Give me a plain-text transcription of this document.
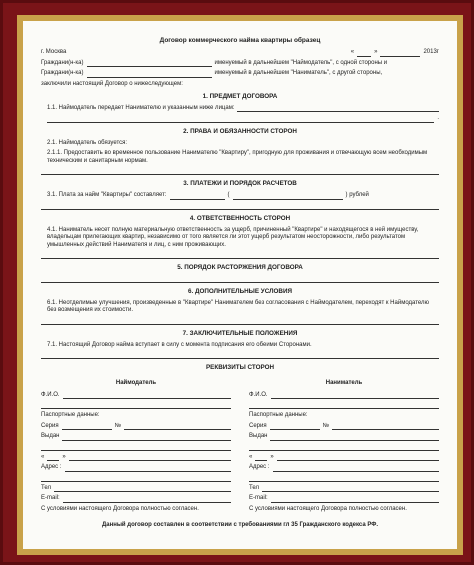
Договор коммерческого найма квартиры образец
г. Москва	«	»	2013г
Граждани(н-ка)	именуемый в дальнейшем "Наймодатель", с одной стороны и
Граждани(н-ка)	именуемый в дальнейшем "Наниматель", с другой стороны,
заключили настоящий Договор о нижеследующем:
1. ПРЕДМЕТ ДОГОВОРА
1.1. Наймодатель передает Нанимателю и указанным ниже лицам:
.
2. ПРАВА И ОБЯЗАННОСТИ СТОРОН
2.1. Наймодатель обязуется:
2.1.1. Предоставить во временное пользование Нанимателю "Квартиру", пригодную для проживания и отвечающую всем необходимым техническим и санитарным нормам.
3. ПЛАТЕЖИ И ПОРЯДОК РАСЧЕТОВ
3.1. Плата за найм "Квартиры" составляет:	(	) рублей
4. ОТВЕТСТВЕННОСТЬ СТОРОН
4.1. Наниматель несет полную материальную ответственность за ущерб, причиненный "Квартире" и находящегося в ней имуществу, владельцам прилегающих квартир, независимо от того является ли этот ущерб результатом неосторожности, либо результатом умышленных действий Нанимателя и лиц, с ним проживающих.
5. ПОРЯДОК РАСТОРЖЕНИЯ ДОГОВОРА
6. ДОПОЛНИТЕЛЬНЫЕ УСЛОВИЯ
6.1. Неотделимые улучшения, произведенные в "Квартире" Нанимателем без согласования с Наймодателем, переходят к Наймодателю без возмещения их стоимости.
7. ЗАКЛЮЧИТЕЛЬНЫЕ ПОЛОЖЕНИЯ
7.1. Настоящий Договор найма вступает в силу с момента подписания его обеими Сторонами.
РЕКВИЗИТЫ СТОРОН
Наймодатель
Ф.И.О.
Паспортные данные:
Серия	№
Выдан
«	»
Адрес :
Тел
E-mail:
С условиями настоящего Договора полностью согласен.
Наниматель
Ф.И.О.
Паспортные данные:
Серия	№
Выдан
«	»
Адрес :
Тел
E-mail:
С условиями настоящего Договора полностью согласен.
Данный договор составлен в соответствии с требованиями гл 35 Гражданского кодекса РФ.
